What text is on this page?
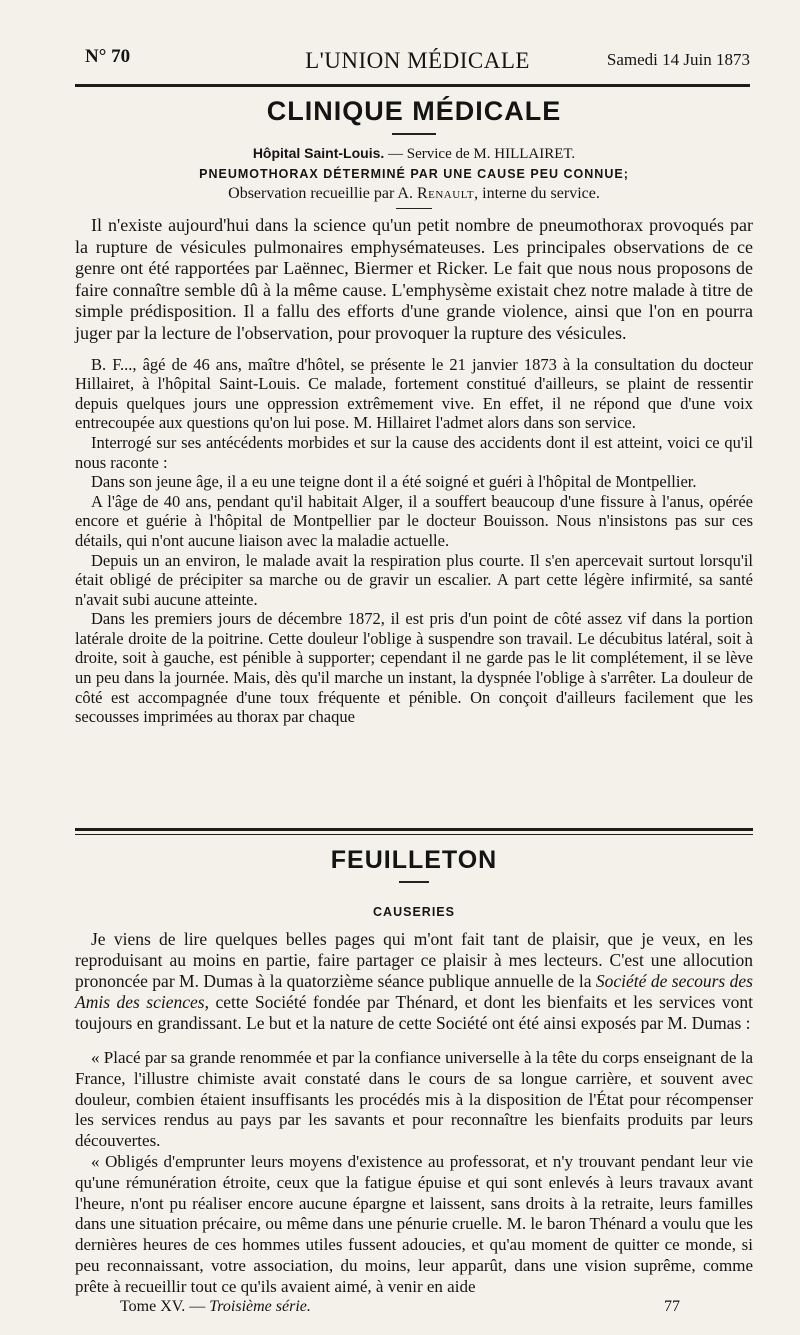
N° 70	L'UNION MÉDICALE	Samedi 14 Juin 1873
CLINIQUE MÉDICALE
Hôpital Saint-Louis. — Service de M. HILLAIRET.
PNEUMOTHORAX DÉTERMINÉ PAR UNE CAUSE PEU CONNUE;
Observation recueillie par A. Renault, interne du service.

Il n'existe aujourd'hui dans la science qu'un petit nombre de pneumothorax provoqués par la rupture de vésicules pulmonaires emphysémateuses. Les principales observations de ce genre ont été rapportées par Laënnec, Biermer et Ricker. Le fait que nous nous proposons de faire connaître semble dû à la même cause. L'emphysème existait chez notre malade à titre de simple prédisposition. Il a fallu des efforts d'une grande violence, ainsi que l'on en pourra juger par la lecture de l'observation, pour provoquer la rupture des vésicules.

B. F..., âgé de 46 ans, maître d'hôtel, se présente le 21 janvier 1873 à la consultation du docteur Hillairet, à l'hôpital Saint-Louis. Ce malade, fortement constitué d'ailleurs, se plaint de ressentir depuis quelques jours une oppression extrêmement vive. En effet, il ne répond que d'une voix entrecoupée aux questions qu'on lui pose. M. Hillairet l'admet alors dans son service.

Interrogé sur ses antécédents morbides et sur la cause des accidents dont il est atteint, voici ce qu'il nous raconte :

Dans son jeune âge, il a eu une teigne dont il a été soigné et guéri à l'hôpital de Montpellier.

A l'âge de 40 ans, pendant qu'il habitait Alger, il a souffert beaucoup d'une fissure à l'anus, opérée encore et guérie à l'hôpital de Montpellier par le docteur Bouisson. Nous n'insistons pas sur ces détails, qui n'ont aucune liaison avec la maladie actuelle.

Depuis un an environ, le malade avait la respiration plus courte. Il s'en apercevait surtout lorsqu'il était obligé de précipiter sa marche ou de gravir un escalier. A part cette légère infirmité, sa santé n'avait subi aucune atteinte.

Dans les premiers jours de décembre 1872, il est pris d'un point de côté assez vif dans la portion latérale droite de la poitrine. Cette douleur l'oblige à suspendre son travail. Le décubitus latéral, soit à droite, soit à gauche, est pénible à supporter; cependant il ne garde pas le lit complétement, il se lève un peu dans la journée. Mais, dès qu'il marche un instant, la dyspnée l'oblige à s'arrêter. La douleur de côté est accompagnée d'une toux fréquente et pénible. On conçoit d'ailleurs facilement que les secousses imprimées au thorax par chaque

FEUILLETON
CAUSERIES

Je viens de lire quelques belles pages qui m'ont fait tant de plaisir, que je veux, en les reproduisant au moins en partie, faire partager ce plaisir à mes lecteurs. C'est une allocution prononcée par M. Dumas à la quatorzième séance publique annuelle de la Société de secours des Amis des sciences, cette Société fondée par Thénard, et dont les bienfaits et les services vont toujours en grandissant. Le but et la nature de cette Société ont été ainsi exposés par M. Dumas :

« Placé par sa grande renommée et par la confiance universelle à la tête du corps enseignant de la France, l'illustre chimiste avait constaté dans le cours de sa longue carrière, et souvent avec douleur, combien étaient insuffisants les procédés mis à la disposition de l'État pour récompenser les services rendus au pays par les savants et pour reconnaître les bienfaits produits par leurs découvertes.

« Obligés d'emprunter leurs moyens d'existence au professorat, et n'y trouvant pendant leur vie qu'une rémunération étroite, ceux que la fatigue épuise et qui sont enlevés à leurs travaux avant l'heure, n'ont pu réaliser encore aucune épargne et laissent, sans droits à la retraite, leurs familles dans une situation précaire, ou même dans une pénurie cruelle. M. le baron Thénard a voulu que les dernières heures de ces hommes utiles fussent adoucies, et qu'au moment de quitter ce monde, si peu reconnaissant, votre association, du moins, leur apparût, dans une vision suprême, comme prête à recueillir tout ce qu'ils avaient aimé, à venir en aide

Tome XV. — Troisième série.	77
